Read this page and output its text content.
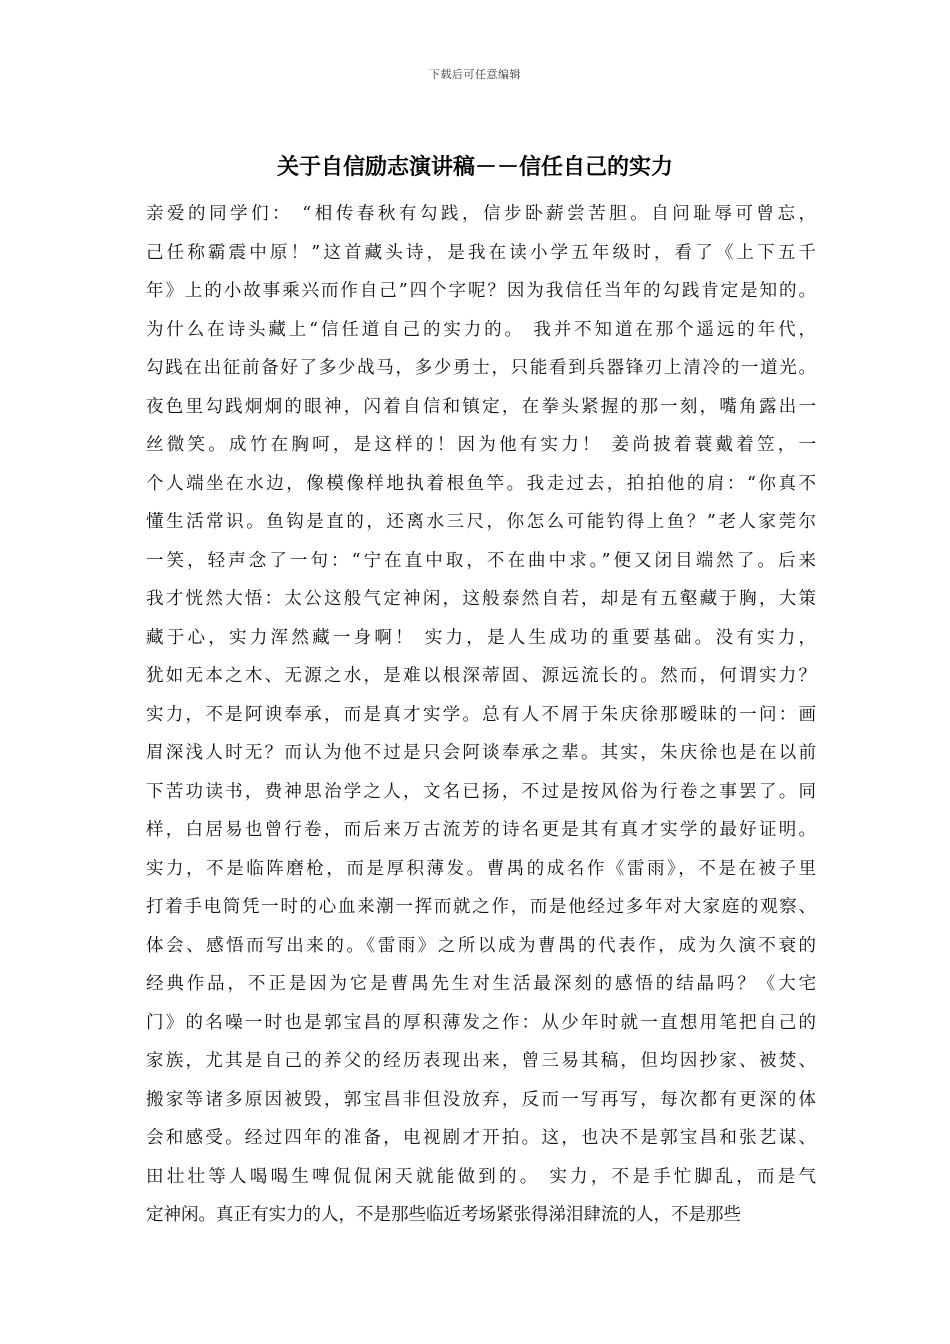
下载后可任意编辑
关于自信励志演讲稿－－信任自己的实力
亲爱的同学们： “相传春秋有勾践，信步卧薪尝苦胆。自问耻辱可曾忘，
己任称霸震中原！”这首藏头诗，是我在读小学五年级时，看了《上下五千
年》上的小故事乘兴而作自己”四个字呢？因为我信任当年的勾践肯定是知的。
为什么在诗头藏上“信任道自己的实力的。 我并不知道在那个遥远的年代，
勾践在出征前备好了多少战马，多少勇士，只能看到兵器锋刃上清冷的一道光。
夜色里勾践炯炯的眼神，闪着自信和镇定，在拳头紧握的那一刻，嘴角露出一
丝微笑。成竹在胸呵，是这样的！因为他有实力！ 姜尚披着蓑戴着笠，一
个人端坐在水边，像模像样地执着根鱼竿。我走过去，拍拍他的肩：“你真不
懂生活常识。鱼钩是直的，还离水三尺，你怎么可能钓得上鱼？”老人家莞尔
一笑，轻声念了一句：“宁在直中取，不在曲中求。”便又闭目端然了。后来
我才恍然大悟：太公这般气定神闲，这般泰然自若，却是有五壑藏于胸，大策
藏于心，实力浑然藏一身啊！ 实力，是人生成功的重要基础。没有实力，
犹如无本之木、无源之水，是难以根深蒂固、源远流长的。然而，何谓实力？
实力，不是阿谀奉承，而是真才实学。总有人不屑于朱庆徐那暧昧的一问：画
眉深浅人时无？而认为他不过是只会阿谈奉承之辈。其实，朱庆徐也是在以前
下苦功读书，费神思治学之人，文名已扬，不过是按风俗为行卷之事罢了。同
样，白居易也曾行卷，而后来万古流芳的诗名更是其有真才实学的最好证明。
实力，不是临阵磨枪，而是厚积薄发。曹禺的成名作《雷雨》，不是在被子里
打着手电筒凭一时的心血来潮一挥而就之作，而是他经过多年对大家庭的观察、
体会、感悟而写出来的。《雷雨》之所以成为曹禺的代表作，成为久演不衰的
经典作品，不正是因为它是曹禺先生对生活最深刻的感悟的结晶吗？《大宅
门》的名噪一时也是郭宝昌的厚积薄发之作：从少年时就一直想用笔把自己的
家族，尤其是自己的养父的经历表现出来，曾三易其稿，但均因抄家、被焚、
搬家等诸多原因被毁，郭宝昌非但没放弃，反而一写再写，每次都有更深的体
会和感受。经过四年的准备，电视剧才开拍。这，也决不是郭宝昌和张艺谋、
田壮壮等人喝喝生啤侃侃闲天就能做到的。 实力，不是手忙脚乱，而是气
定神闲。真正有实力的人，不是那些临近考场紧张得涕泪肆流的人，不是那些
